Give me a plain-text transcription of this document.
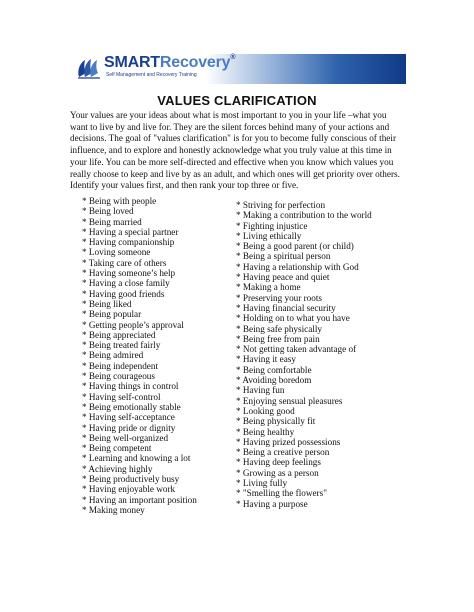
SMARTRecovery®
Self Management and Recovery Training
VALUES CLARIFICATION
Your values are your ideas about what is most important to you in your life –what you want to live by and live for. They are the silent forces behind many of your actions and decisions. The goal of "values clarification" is for you to become fully conscious of their influence, and to explore and honestly acknowledge what you truly value at this time in your life. You can be more self-directed and effective when you know which values you really choose to keep and live by as an adult, and which ones will get priority over others. Identify your values first, and then rank your top three or five.
* Being with people
* Being loved
* Being married
* Having a special partner
* Having companionship
* Loving someone
* Taking care of others
* Having someone’s help
* Having a close family
* Having good friends
* Being liked
* Being popular
* Getting people’s approval
* Being appreciated
* Being treated fairly
* Being admired
* Being independent
* Being courageous
* Having things in control
* Having self-control
* Being emotionally stable
* Having self-acceptance
* Having pride or dignity
* Being well-organized
* Being competent
* Learning and knowing a lot
* Achieving highly
* Being productively busy
* Having enjoyable work
* Having an important position
* Making money
* Striving for perfection
* Making a contribution to the world
* Fighting injustice
* Living ethically
* Being a good parent (or child)
* Being a spiritual person
* Having a relationship with God
* Having peace and quiet
* Making a home
* Preserving your roots
* Having financial security
* Holding on to what you have
* Being safe physically
* Being free from pain
* Not getting taken advantage of
* Having it easy
* Being comfortable
* Avoiding boredom
* Having fun
* Enjoying sensual pleasures
* Looking good
* Being physically fit
* Being healthy
* Having prized possessions
* Being a creative person
* Having deep feelings
* Growing as a person
* Living fully
* "Smelling the flowers"
* Having a purpose
